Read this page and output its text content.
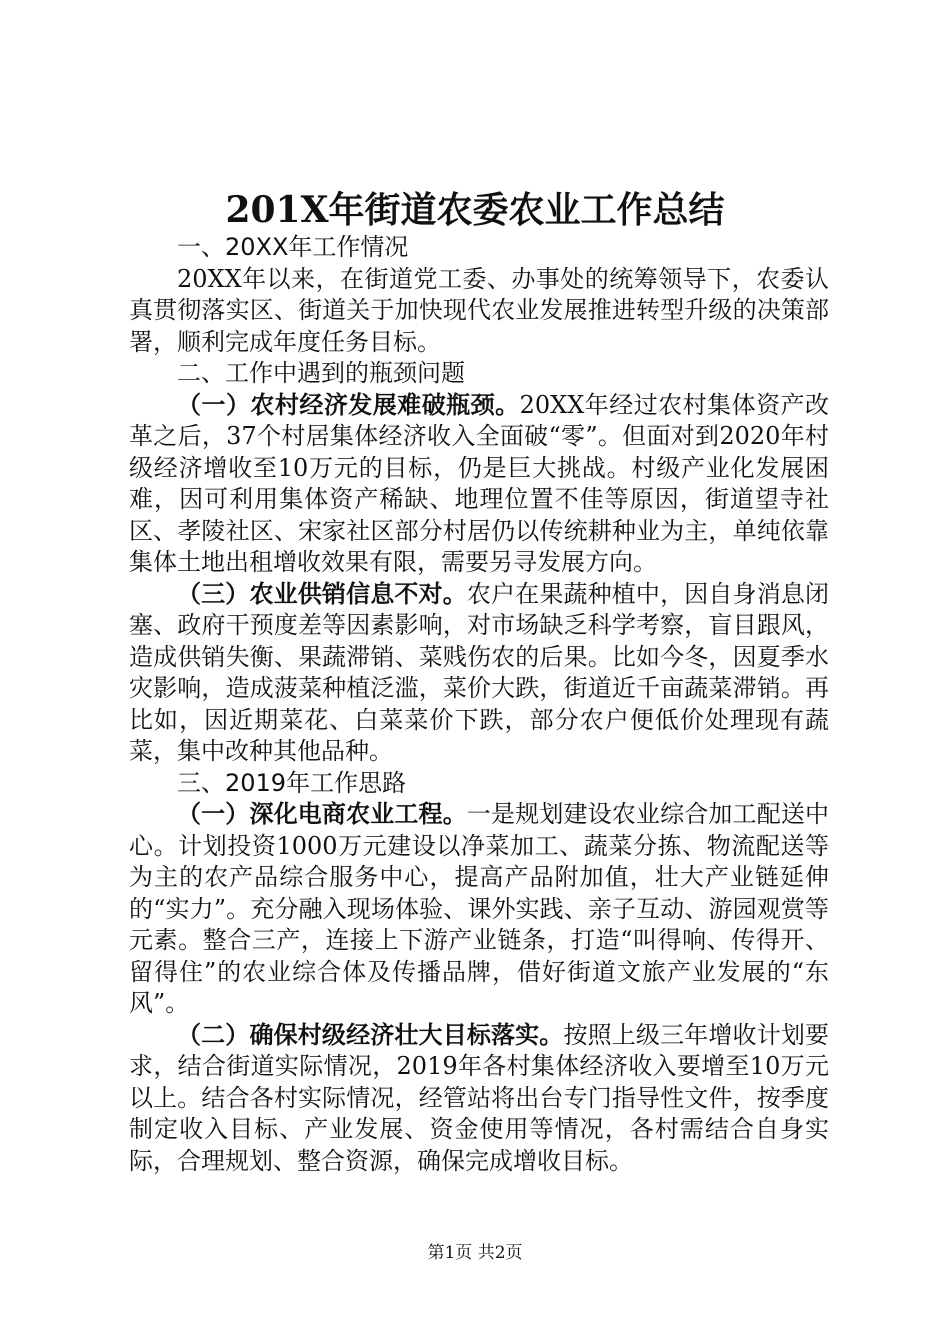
201X年街道农委农业工作总结

一、20XX年工作情况

20XX年以来，在街道党工委、办事处的统筹领导下，农委认真贯彻落实区、街道关于加快现代农业发展推进转型升级的决策部署，顺利完成年度任务目标。

二、工作中遇到的瓶颈问题

（一）农村经济发展难破瓶颈。20XX年经过农村集体资产改革之后，37个村居集体经济收入全面破“零”。但面对到2020年村级经济增收至10万元的目标，仍是巨大挑战。村级产业化发展困难，因可利用集体资产稀缺、地理位置不佳等原因，街道望寺社区、孝陵社区、宋家社区部分村居仍以传统耕种业为主，单纯依靠集体土地出租增收效果有限，需要另寻发展方向。

（三）农业供销信息不对。农户在果蔬种植中，因自身消息闭塞、政府干预度差等因素影响，对市场缺乏科学考察，盲目跟风，造成供销失衡、果蔬滞销、菜贱伤农的后果。比如今冬，因夏季水灾影响，造成菠菜种植泛滥，菜价大跌，街道近千亩蔬菜滞销。再比如，因近期菜花、白菜菜价下跌，部分农户便低价处理现有蔬菜，集中改种其他品种。

三、2019年工作思路

（一）深化电商农业工程。一是规划建设农业综合加工配送中心。计划投资1000万元建设以净菜加工、蔬菜分拣、物流配送等为主的农产品综合服务中心，提高产品附加值，壮大产业链延伸的“实力”。充分融入现场体验、课外实践、亲子互动、游园观赏等元素。整合三产，连接上下游产业链条，打造“叫得响、传得开、留得住”的农业综合体及传播品牌，借好街道文旅产业发展的“东风”。

（二）确保村级经济壮大目标落实。按照上级三年增收计划要求，结合街道实际情况，2019年各村集体经济收入要增至10万元以上。结合各村实际情况，经管站将出台专门指导性文件，按季度制定收入目标、产业发展、资金使用等情况，各村需结合自身实际，合理规划、整合资源，确保完成增收目标。

第1页 共2页
